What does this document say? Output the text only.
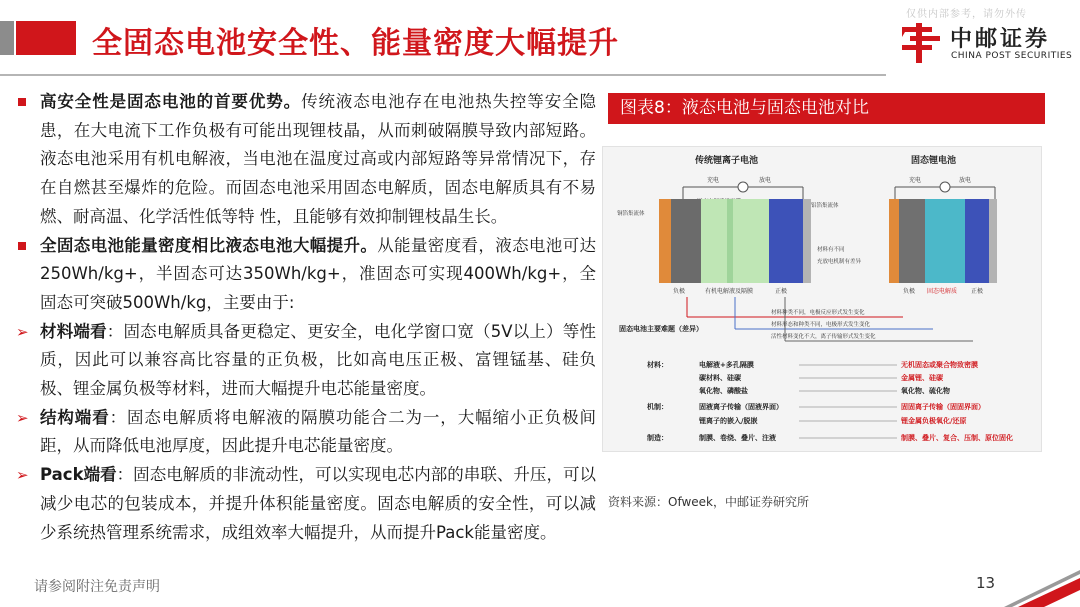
全固态电池安全性、能量密度大幅提升
仅供内部参考，请勿外传
中邮证券
CHINA POST SECURITIES
高安全性是固态电池的首要优势。传统液态电池存在电池热失控等安全隐患，在大电流下工作负极有可能出现锂枝晶，从而刺破隔膜导致内部短路。液态电池采用有机电解液，当电池在温度过高或内部短路等异常情况下，存在自燃甚至爆炸的危险。而固态电池采用固态电解质，固态电解质具有不易燃、耐高温、化学活性低等特 性，且能够有效抑制锂枝晶生长。
全固态电池能量密度相比液态电池大幅提升。从能量密度看，液态电池可达250Wh/kg+，半固态可达350Wh/kg+，准固态可实现400Wh/kg+，全固态可突破500Wh/kg，主要由于:
➢ 材料端看：固态电解质具备更稳定、更安全，电化学窗口宽（5V以上）等性质，因此可以兼容高比容量的正负极，比如高电压正极、富锂锰基、硅负极、锂金属负极等材料，进而大幅提升电芯能量密度。
➢ 结构端看：固态电解质将电解液的隔膜功能合二为一，大幅缩小正负极间距，从而降低电池厚度，因此提升电芯能量密度。
➢ Pack端看：固态电解质的非流动性，可以实现电芯内部的串联、升压，可以减少电芯的包装成本，并提升体积能量密度。固态电解质的安全性，可以减少系统热管理系统需求，成组效率大幅提升，从而提升Pack能量密度。
图表8：液态电池与固态电池对比
传统锂离子电池
充电	放电
铜箔集流体
铝箔集流体
负极	有机电解液及隔膜	正极
固态锂电池
充电	放电
负极 固态电解质 正极
材料有不同
充放电机制有差异
材料种类不同，电极反应形式发生变化
材料形态和种类不同，电极形式发生变化
活性材料变化不大，离子传输形式发生变化
固态电池主要难题（差异）
材料：	电解液+多孔隔膜	无机固态或聚合物致密膜
碳材料、硅碳	金属锂、硅碳
氧化物、磷酸盐	氧化物、硫化物
机制：	固液离子传输（固液界面）	固固离子传输（固固界面）
锂离子的嵌入/脱嵌	锂金属负极氧化/还原
制造：	制膜、卷绕、叠片、注液	制膜、叠片、复合、压制、原位固化
资料来源：Ofweek，中邮证券研究所
请参阅附注免责声明	13
